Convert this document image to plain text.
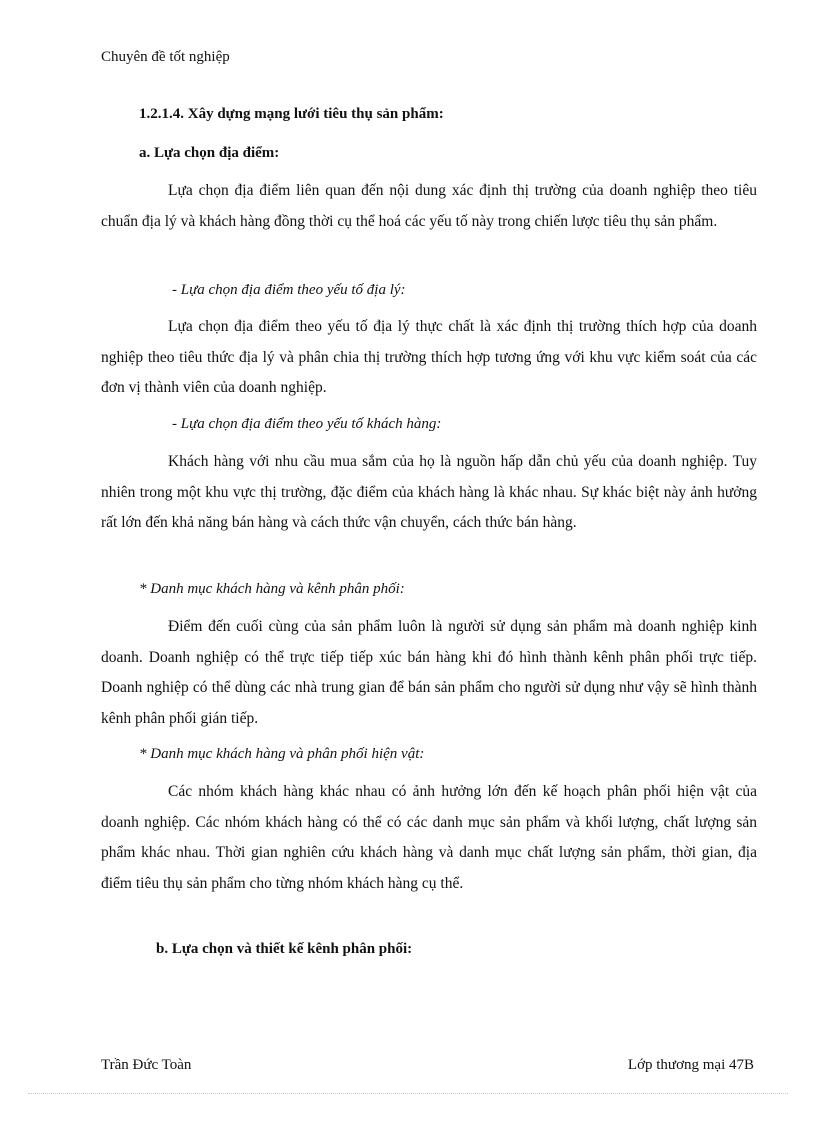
Chuyên đề tốt nghiệp
1.2.1.4. Xây dựng mạng lưới tiêu thụ sản phẩm:
a. Lựa chọn địa điểm:

Lựa chọn địa điểm liên quan đến nội dung xác định thị trường của doanh nghiệp theo tiêu chuẩn địa lý và khách hàng đồng thời cụ thể hoá các yếu tố này trong chiến lược tiêu thụ sản phẩm.

- Lựa chọn địa điểm theo yếu tố địa lý:

Lựa chọn địa điểm theo yếu tố địa lý thực chất là xác định thị trường thích hợp của doanh nghiệp theo tiêu thức địa lý và phân chia thị trường thích hợp tương ứng với khu vực kiểm soát của các đơn vị thành viên của doanh nghiệp.

- Lựa chọn địa điểm theo yếu tố khách hàng:

Khách hàng với nhu cầu mua sắm của họ là nguồn hấp dẫn chủ yếu của doanh nghiệp. Tuy nhiên trong một khu vực thị trường, đặc điểm của khách hàng là khác nhau. Sự khác biệt này ảnh hưởng rất lớn đến khả năng bán hàng và cách thức vận chuyển, cách thức bán hàng.

* Danh mục khách hàng và kênh phân phối:

Điểm đến cuối cùng của sản phẩm luôn là người sử dụng sản phẩm mà doanh nghiệp kinh doanh. Doanh nghiệp có thể trực tiếp tiếp xúc bán hàng khi đó hình thành kênh phân phối trực tiếp. Doanh nghiệp có thể dùng các nhà trung gian để bán sản phẩm cho người sử dụng như vậy sẽ hình thành kênh phân phối gián tiếp.

* Danh mục khách hàng và phân phối hiện vật:

Các nhóm khách hàng khác nhau có ảnh hưởng lớn đến kế hoạch phân phối hiện vật của doanh nghiệp. Các nhóm khách hàng có thể có các danh mục sản phẩm và khối lượng, chất lượng sản phẩm khác nhau. Thời gian nghiên cứu khách hàng và danh mục chất lượng sản phẩm, thời gian, địa điểm tiêu thụ sản phẩm cho từng nhóm khách hàng cụ thể.

b. Lựa chọn và thiết kế kênh phân phối:
Trần Đức Toàn	Lớp thương mại 47B
